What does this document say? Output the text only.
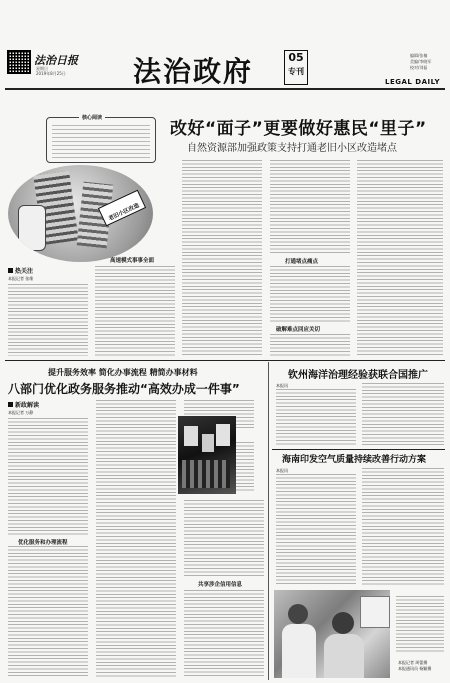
法治日报
星期日
2019年8月25日 法治政府	05
专刊
编辑/张楠
美编/李晓军
校对/刘磊
LEGAL DAILY
改好“面子”更要做好惠民“里子”
自然资源部加强政策支持打通老旧小区改造堵点
核心阅读
老旧小区改造
热关注
本报记者 张维
打通堵点痛点
破解难点回应关切
高速模式事事全面
提升服务效率 简化办事流程 精简办事材料
八部门优化政务服务推动“高效办成一件事”
新政解读
本报记者 万静
优化服务和办理流程
共享涉企信用信息
钦州海洋治理经验获联合国推广
本报讯
海南印发空气质量持续改善行动方案
本报讯
本报记者 周蕾摄
本报通讯员 杨颖摄
